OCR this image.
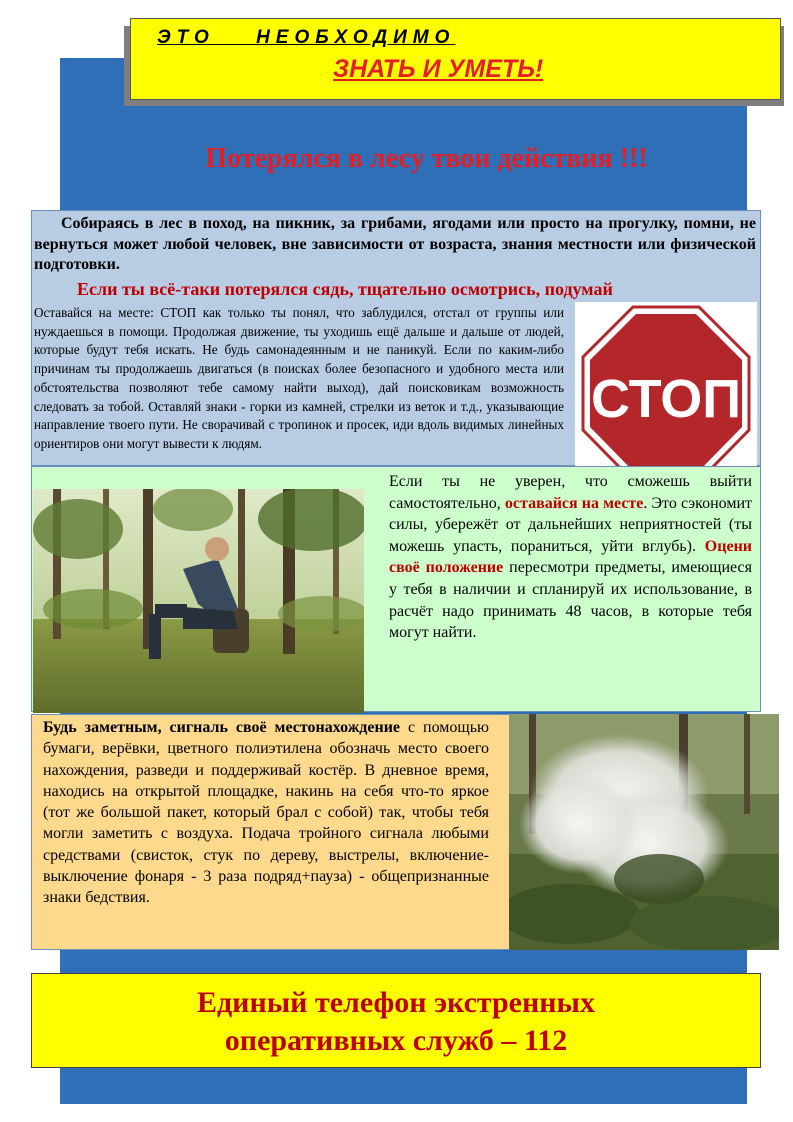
ЭТО НЕОБХОДИМО
ЗНАТЬ И УМЕТЬ!
Потерялся в лесу твои действия !!!

Собираясь в лес в поход, на пикник, за грибами, ягодами или просто на прогулку, помни, не вернуться может любой человек, вне зависимости от возраста, знания местности или физической подготовки.

Если ты всё-таки потерялся сядь, тщательно осмотрись, подумай

Оставайся на месте: СТОП как только ты понял, что заблудился, отстал от группы или нуждаешься в помощи. Продолжая движение, ты уходишь ещё дальше и дальше от людей, которые будут тебя искать. Не будь самонадеянным и не паникуй. Если по каким-либо причинам ты продолжаешь двигаться (в поисках более безопасного и удобного места или обстоятельства позволяют тебе самому найти выход), дай поисковикам возможность следовать за тобой. Оставляй знаки - горки из камней, стрелки из веток и т.д., указывающие направление твоего пути. Не сворачивай с тропинок и просек, иди вдоль видимых линейных ориентиров они могут вывести к людям.

СТОП

Если ты не уверен, что сможешь выйти самостоятельно, оставайся на месте. Это сэкономит силы, убережёт от дальнейших неприятностей (ты можешь упасть, пораниться, уйти вглубь). Оцени своё положение пересмотри предметы, имеющиеся у тебя в наличии и спланируй их использование, в расчёт надо принимать 48 часов, в которые тебя могут найти.

Будь заметным, сигналь своё местонахождение с помощью бумаги, верёвки, цветного полиэтилена обозначь место своего нахождения, разведи и поддерживай костёр. В дневное время, находись на открытой площадке, накинь на себя что-то яркое (тот же большой пакет, который брал с собой) так, чтобы тебя могли заметить с воздуха. Подача тройного сигнала любыми средствами (свисток, стук по дереву, выстрелы, включение-выключение фонаря - 3 раза подряд+пауза) - общепризнанные знаки бедствия.

Единый телефон экстренных
оперативных служб – 112
